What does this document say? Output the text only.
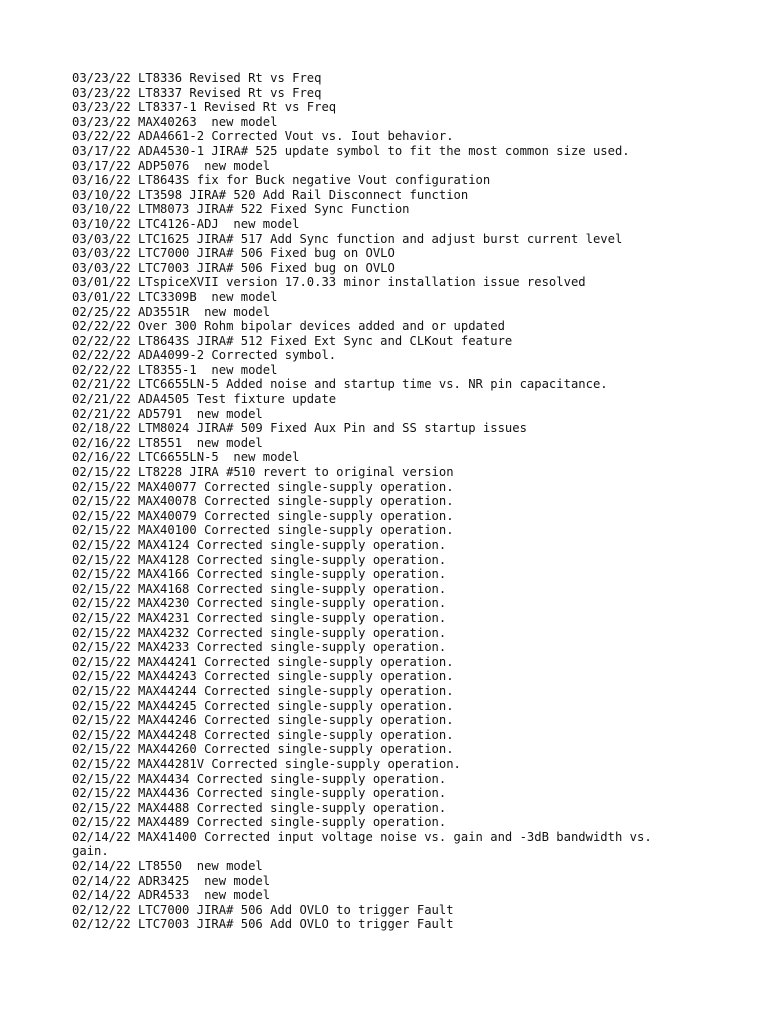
03/23/22 LT8336 Revised Rt vs Freq
03/23/22 LT8337 Revised Rt vs Freq
03/23/22 LT8337-1 Revised Rt vs Freq
03/23/22 MAX40263  new model
03/22/22 ADA4661-2 Corrected Vout vs. Iout behavior.
03/17/22 ADA4530-1 JIRA# 525 update symbol to fit the most common size used.
03/17/22 ADP5076  new model
03/16/22 LT8643S fix for Buck negative Vout configuration
03/10/22 LT3598 JIRA# 520 Add Rail Disconnect function
03/10/22 LTM8073 JIRA# 522 Fixed Sync Function
03/10/22 LTC4126-ADJ  new model
03/03/22 LTC1625 JIRA# 517 Add Sync function and adjust burst current level
03/03/22 LTC7000 JIRA# 506 Fixed bug on OVLO
03/03/22 LTC7003 JIRA# 506 Fixed bug on OVLO
03/01/22 LTspiceXVII version 17.0.33 minor installation issue resolved
03/01/22 LTC3309B  new model
02/25/22 AD3551R  new model
02/22/22 Over 300 Rohm bipolar devices added and or updated
02/22/22 LT8643S JIRA# 512 Fixed Ext Sync and CLKout feature
02/22/22 ADA4099-2 Corrected symbol.
02/22/22 LT8355-1  new model
02/21/22 LTC6655LN-5 Added noise and startup time vs. NR pin capacitance.
02/21/22 ADA4505 Test fixture update
02/21/22 AD5791  new model
02/18/22 LTM8024 JIRA# 509 Fixed Aux Pin and SS startup issues
02/16/22 LT8551  new model
02/16/22 LTC6655LN-5  new model
02/15/22 LT8228 JIRA #510 revert to original version
02/15/22 MAX40077 Corrected single-supply operation.
02/15/22 MAX40078 Corrected single-supply operation.
02/15/22 MAX40079 Corrected single-supply operation.
02/15/22 MAX40100 Corrected single-supply operation.
02/15/22 MAX4124 Corrected single-supply operation.
02/15/22 MAX4128 Corrected single-supply operation.
02/15/22 MAX4166 Corrected single-supply operation.
02/15/22 MAX4168 Corrected single-supply operation.
02/15/22 MAX4230 Corrected single-supply operation.
02/15/22 MAX4231 Corrected single-supply operation.
02/15/22 MAX4232 Corrected single-supply operation.
02/15/22 MAX4233 Corrected single-supply operation.
02/15/22 MAX44241 Corrected single-supply operation.
02/15/22 MAX44243 Corrected single-supply operation.
02/15/22 MAX44244 Corrected single-supply operation.
02/15/22 MAX44245 Corrected single-supply operation.
02/15/22 MAX44246 Corrected single-supply operation.
02/15/22 MAX44248 Corrected single-supply operation.
02/15/22 MAX44260 Corrected single-supply operation.
02/15/22 MAX44281V Corrected single-supply operation.
02/15/22 MAX4434 Corrected single-supply operation.
02/15/22 MAX4436 Corrected single-supply operation.
02/15/22 MAX4488 Corrected single-supply operation.
02/15/22 MAX4489 Corrected single-supply operation.
02/14/22 MAX41400 Corrected input voltage noise vs. gain and -3dB bandwidth vs. gain.
02/14/22 LT8550  new model
02/14/22 ADR3425  new model
02/14/22 ADR4533  new model
02/12/22 LTC7000 JIRA# 506 Add OVLO to trigger Fault
02/12/22 LTC7003 JIRA# 506 Add OVLO to trigger Fault
